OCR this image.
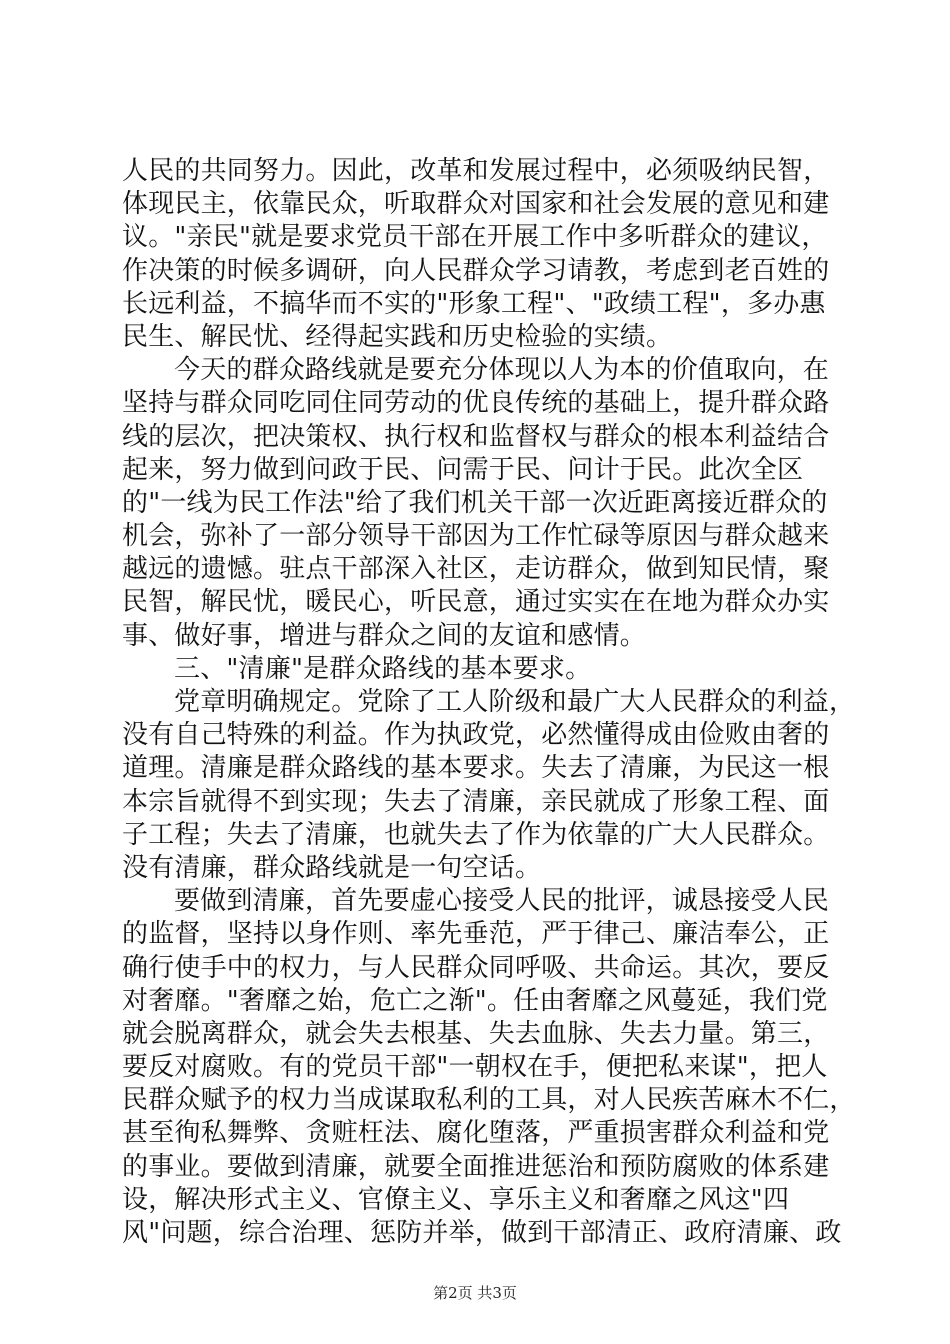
人民的共同努力。因此，改革和发展过程中，必须吸纳民智，
体现民主，依靠民众，听取群众对国家和社会发展的意见和建
议。"亲民"就是要求党员干部在开展工作中多听群众的建议，
作决策的时候多调研，向人民群众学习请教，考虑到老百姓的
长远利益，不搞华而不实的"形象工程"、"政绩工程"，多办惠
民生、解民忧、经得起实践和历史检验的实绩。
今天的群众路线就是要充分体现以人为本的价值取向，在
坚持与群众同吃同住同劳动的优良传统的基础上，提升群众路
线的层次，把决策权、执行权和监督权与群众的根本利益结合
起来，努力做到问政于民、问需于民、问计于民。此次全区
的"一线为民工作法"给了我们机关干部一次近距离接近群众的
机会，弥补了一部分领导干部因为工作忙碌等原因与群众越来
越远的遗憾。驻点干部深入社区，走访群众，做到知民情，聚
民智，解民忧，暖民心，听民意，通过实实在在地为群众办实
事、做好事，增进与群众之间的友谊和感情。
三、"清廉"是群众路线的基本要求。
党章明确规定。党除了工人阶级和最广大人民群众的利益，
没有自己特殊的利益。作为执政党，必然懂得成由俭败由奢的
道理。清廉是群众路线的基本要求。失去了清廉，为民这一根
本宗旨就得不到实现；失去了清廉，亲民就成了形象工程、面
子工程；失去了清廉，也就失去了作为依靠的广大人民群众。
没有清廉，群众路线就是一句空话。
要做到清廉，首先要虚心接受人民的批评，诚恳接受人民
的监督，坚持以身作则、率先垂范，严于律己、廉洁奉公，正
确行使手中的权力，与人民群众同呼吸、共命运。其次，要反
对奢靡。"奢靡之始，危亡之渐"。任由奢靡之风蔓延，我们党
就会脱离群众，就会失去根基、失去血脉、失去力量。第三，
要反对腐败。有的党员干部"一朝权在手，便把私来谋"，把人
民群众赋予的权力当成谋取私利的工具，对人民疾苦麻木不仁，
甚至徇私舞弊、贪赃枉法、腐化堕落，严重损害群众利益和党
的事业。要做到清廉，就要全面推进惩治和预防腐败的体系建
设，解决形式主义、官僚主义、享乐主义和奢靡之风这"四
风"问题，综合治理、惩防并举，做到干部清正、政府清廉、政
第2页 共3页
